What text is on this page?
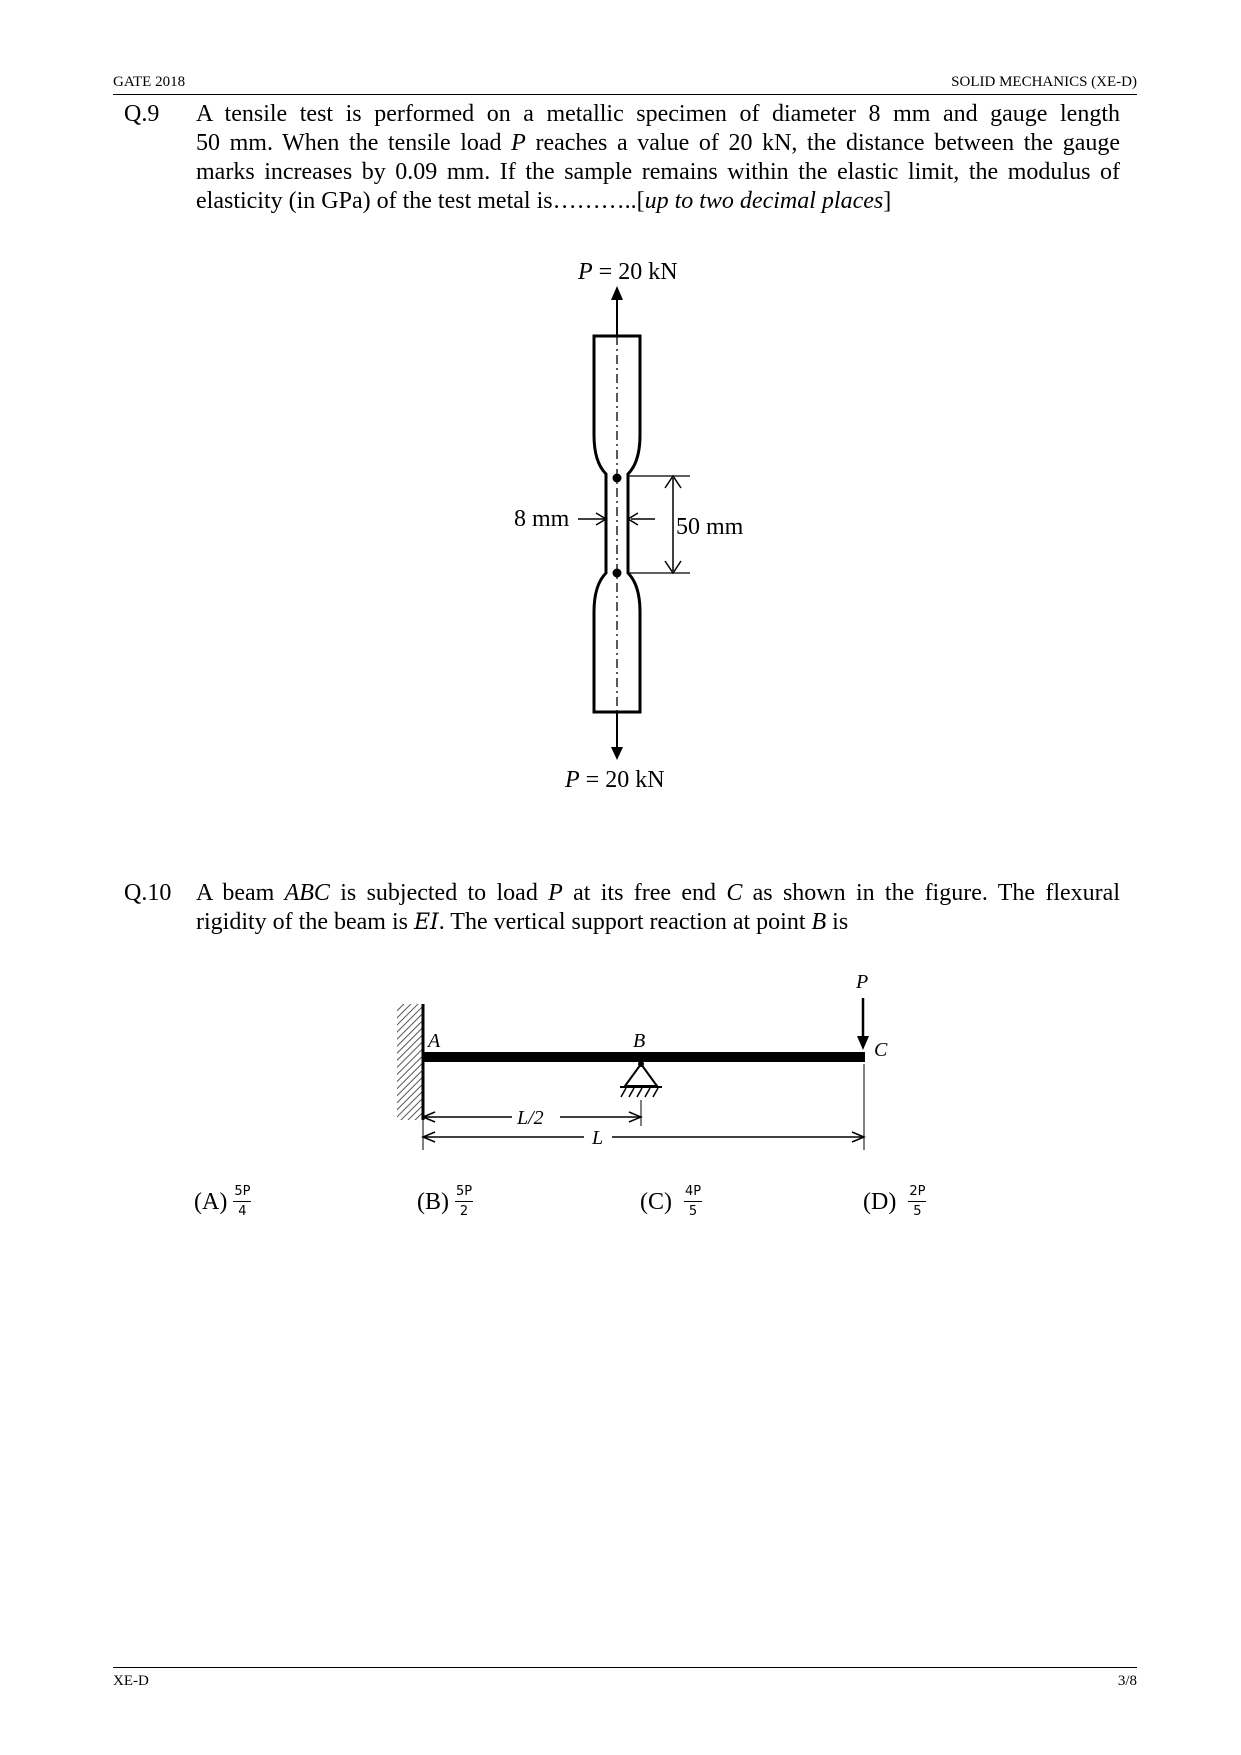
GATE 2018	SOLID MECHANICS (XE-D)
Q.9 A tensile test is performed on a metallic specimen of diameter 8 mm and gauge length
50 mm. When the tensile load P reaches a value of 20 kN, the distance between the gauge
marks increases by 0.09 mm. If the sample remains within the elastic limit, the modulus of
elasticity (in GPa) of the test metal is………..[up to two decimal places]
P = 20 kN
50 mm
8 mm
P = 20 kN
Q.10 A beam ABC is subjected to load P at its free end C as shown in the figure. The flexural
rigidity of the beam is EI. The vertical support reaction at point B is
A	B	C
P
L/2
L
$(A) \frac{5P}{4}$	$(B) \frac{5P}{2}$	$(C) \frac{4P}{5}$	$(D) \frac{2P}{5}$
XE-D	3/8
